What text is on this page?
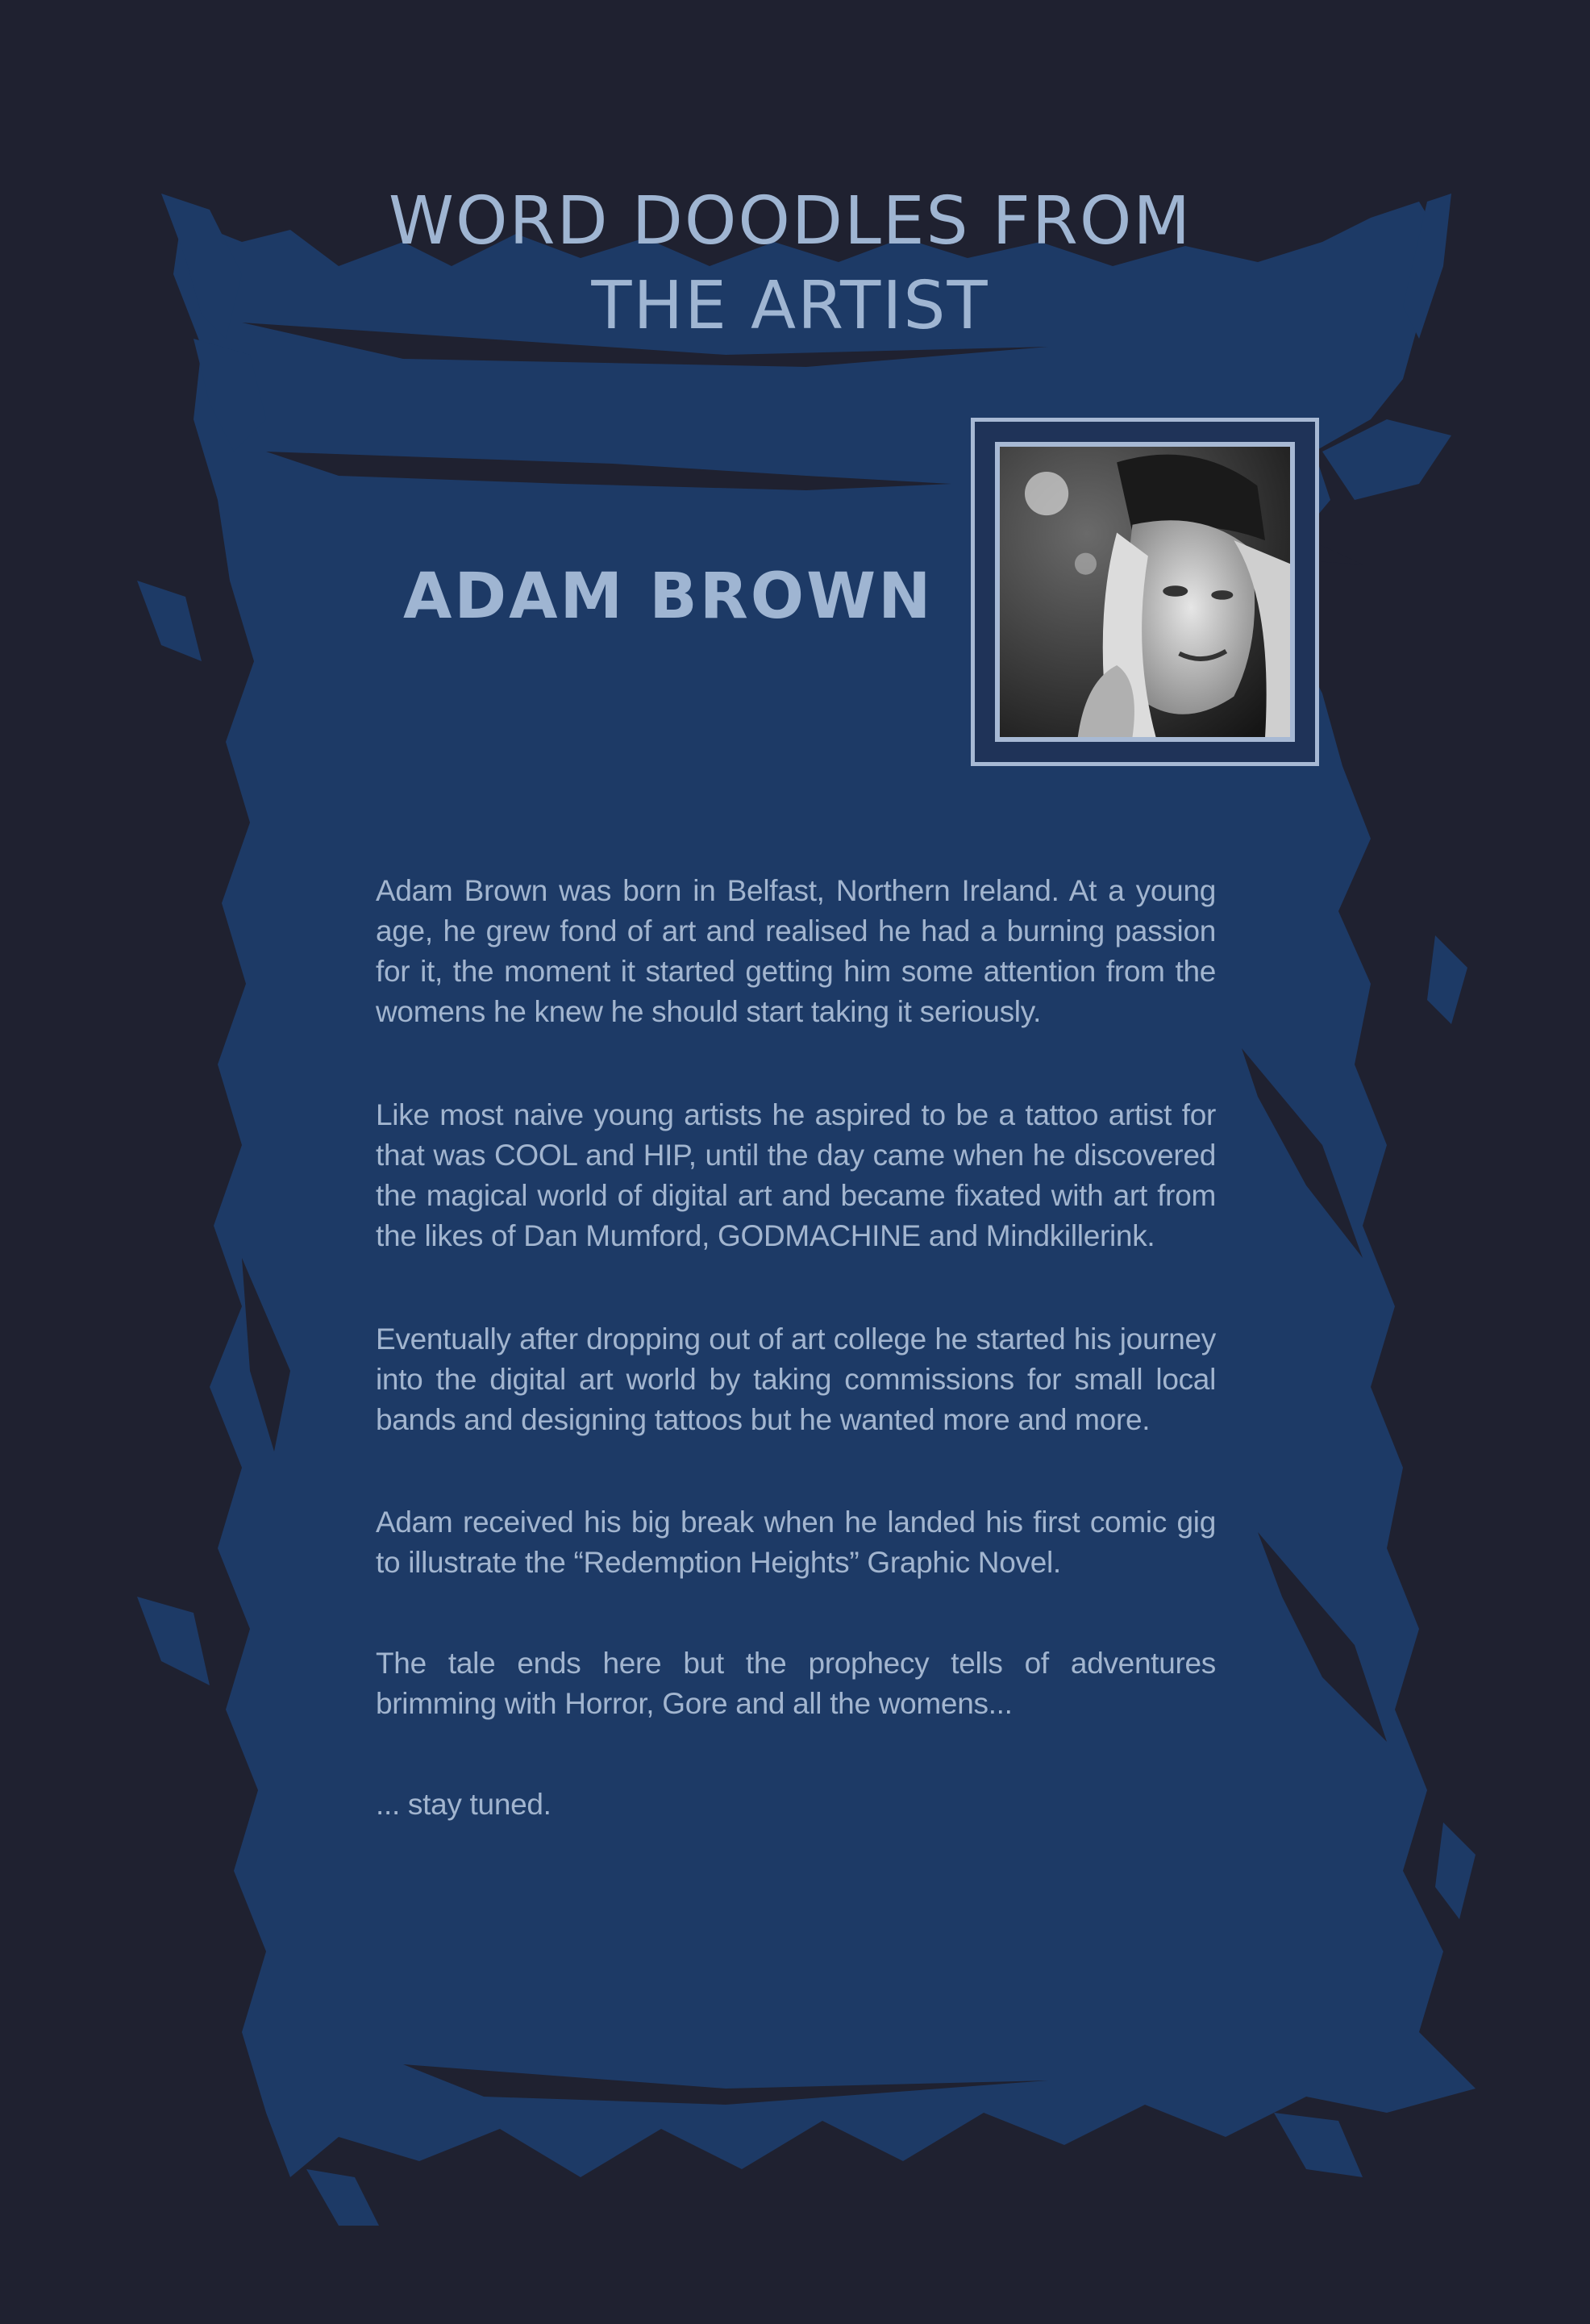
WORD DOODLES FROM
THE ARTIST
ADAM BROWN

Adam Brown was born in Belfast, Northern Ireland. At a young age, he grew fond of art and realised he had a burning passion for it, the moment it started getting him some attention from the womens he knew he should start taking it seriously.

Like most naive young artists he aspired to be a tattoo artist for that was COOL and HIP, until the day came when he discovered the magical world of digital art and became fixated with art from the likes of Dan Mumford, GODMACHINE and Mindkillerink.

Eventually after dropping out of art college he started his journey into the digital art world by taking commissions for small local bands and designing tattoos but he wanted more and more.

Adam received his big break when he landed his first comic gig to illustrate the “Redemption Heights” Graphic Novel.

The tale ends here but the prophecy tells of adventures brimming with Horror, Gore and all the womens...

... stay tuned.
